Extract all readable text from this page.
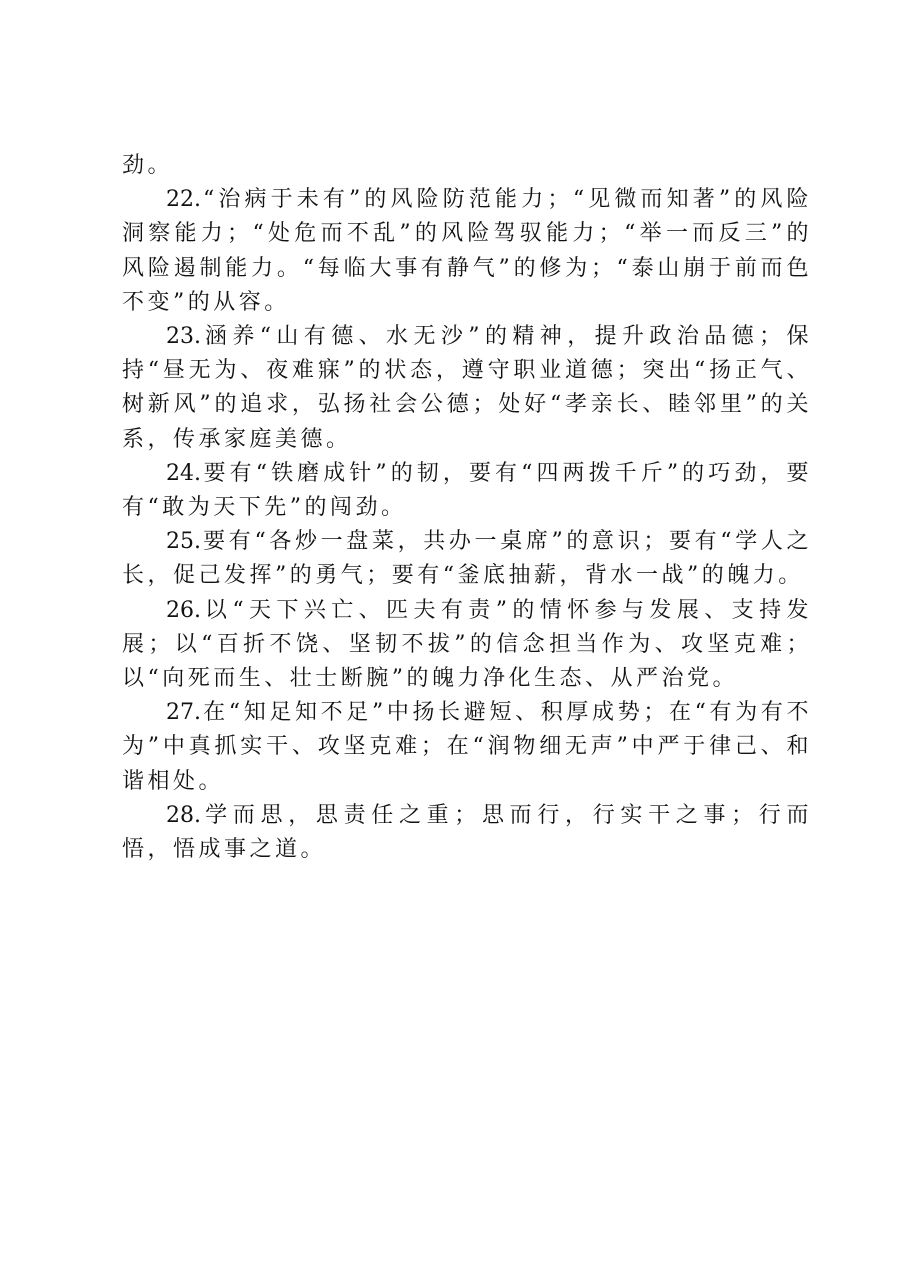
劲。

22.“治病于未有”的风险防范能力；“见微而知著”的风险洞察能力；“处危而不乱”的风险驾驭能力；“举一而反三”的风险遏制能力。“每临大事有静气”的修为；“泰山崩于前而色不变”的从容。

23.涵养“山有德、水无沙”的精神，提升政治品德；保持“昼无为、夜难寐”的状态，遵守职业道德；突出“扬正气、树新风”的追求，弘扬社会公德；处好“孝亲长、睦邻里”的关系，传承家庭美德。

24.要有“铁磨成针”的韧，要有“四两拨千斤”的巧劲，要有“敢为天下先”的闯劲。

25.要有“各炒一盘菜，共办一桌席”的意识；要有“学人之长，促己发挥”的勇气；要有“釜底抽薪，背水一战”的魄力。

26.以“天下兴亡、匹夫有责”的情怀参与发展、支持发展；以“百折不饶、坚韧不拔”的信念担当作为、攻坚克难；以“向死而生、壮士断腕”的魄力净化生态、从严治党。

27.在“知足知不足”中扬长避短、积厚成势；在“有为有不为”中真抓实干、攻坚克难；在“润物细无声”中严于律己、和谐相处。

28.学而思，思责任之重；思而行，行实干之事；行而悟，悟成事之道。
